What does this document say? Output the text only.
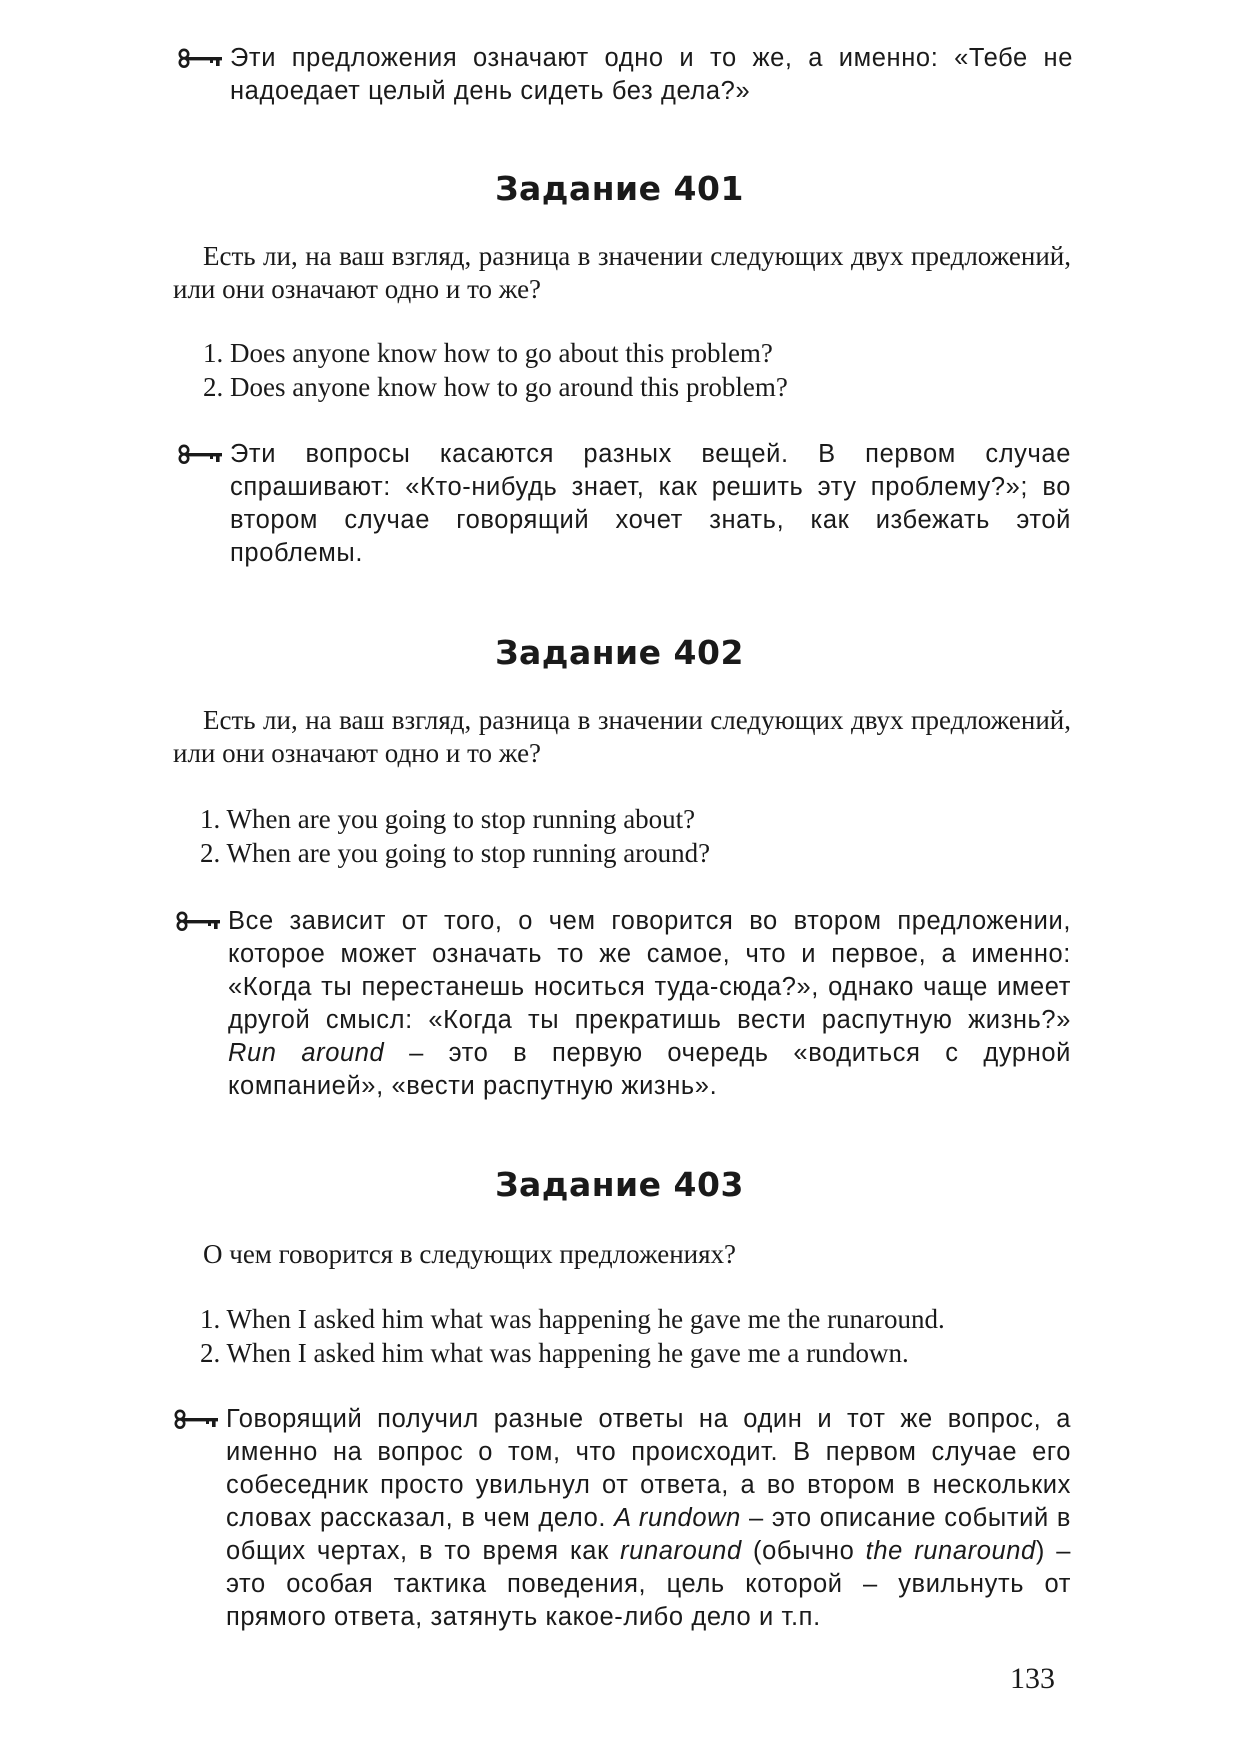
Эти предложения означают одно и то же, а именно: «Тебе не надоедает целый день сидеть без дела?»
Задание 401
Есть ли, на ваш взгляд, разница в значении следующих двух предложений, или они означают одно и то же?
1. Does anyone know how to go about this problem?
2. Does anyone know how to go around this problem?
Эти вопросы касаются разных вещей. В первом случае спрашивают: «Кто-нибудь знает, как решить эту проблему?»; во втором случае говорящий хочет знать, как избежать этой проблемы.
Задание 402
Есть ли, на ваш взгляд, разница в значении следующих двух предложений, или они означают одно и то же?
1. When are you going to stop running about?
2. When are you going to stop running around?
Все зависит от того, о чем говорится во втором предложении, которое может означать то же самое, что и первое, а именно: «Когда ты перестанешь носиться туда-сюда?», однако чаще имеет другой смысл: «Когда ты прекратишь вести распутную жизнь?» Run around – это в первую очередь «водиться с дурной компанией», «вести распутную жизнь».
Задание 403
О чем говорится в следующих предложениях?
1. When I asked him what was happening he gave me the runaround.
2. When I asked him what was happening he gave me a rundown.
Говорящий получил разные ответы на один и тот же вопрос, а именно на вопрос о том, что происходит. В первом случае его собеседник просто увильнул от ответа, а во втором в нескольких словах рассказал, в чем дело. A rundown – это описание событий в общих чертах, в то время как runaround (обычно the runaround) – это особая тактика поведения, цель которой – увильнуть от прямого ответа, затянуть какое-либо дело и т.п.
133
